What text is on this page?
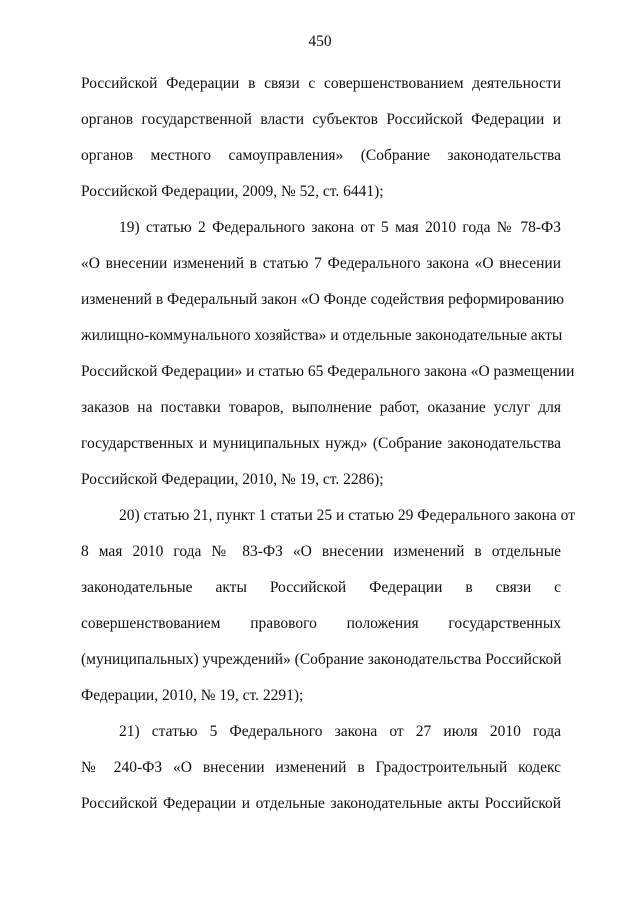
450
Российской Федерации в связи с совершенствованием деятельности
органов государственной власти субъектов Российской Федерации и
органов местного самоуправления» (Собрание законодательства
Российской Федерации, 2009, № 52, ст. 6441);
19) статью 2 Федерального закона от 5 мая 2010 года № 78-ФЗ
«О внесении изменений в статью 7 Федерального закона «О внесении
изменений в Федеральный закон «О Фонде содействия реформированию
жилищно-коммунального хозяйства» и отдельные законодательные акты
Российской Федерации» и статью 65 Федерального закона «О размещении
заказов на поставки товаров, выполнение работ, оказание услуг для
государственных и муниципальных нужд» (Собрание законодательства
Российской Федерации, 2010, № 19, ст. 2286);
20) статью 21, пункт 1 статьи 25 и статью 29 Федерального закона от
8 мая 2010 года № 83-ФЗ «О внесении изменений в отдельные
законодательные акты Российской Федерации в связи с
совершенствованием правового положения государственных
(муниципальных) учреждений» (Собрание законодательства Российской
Федерации, 2010, № 19, ст. 2291);
21) статью 5 Федерального закона от 27 июля 2010 года
№ 240-ФЗ «О внесении изменений в Градостроительный кодекс
Российской Федерации и отдельные законодательные акты Российской
